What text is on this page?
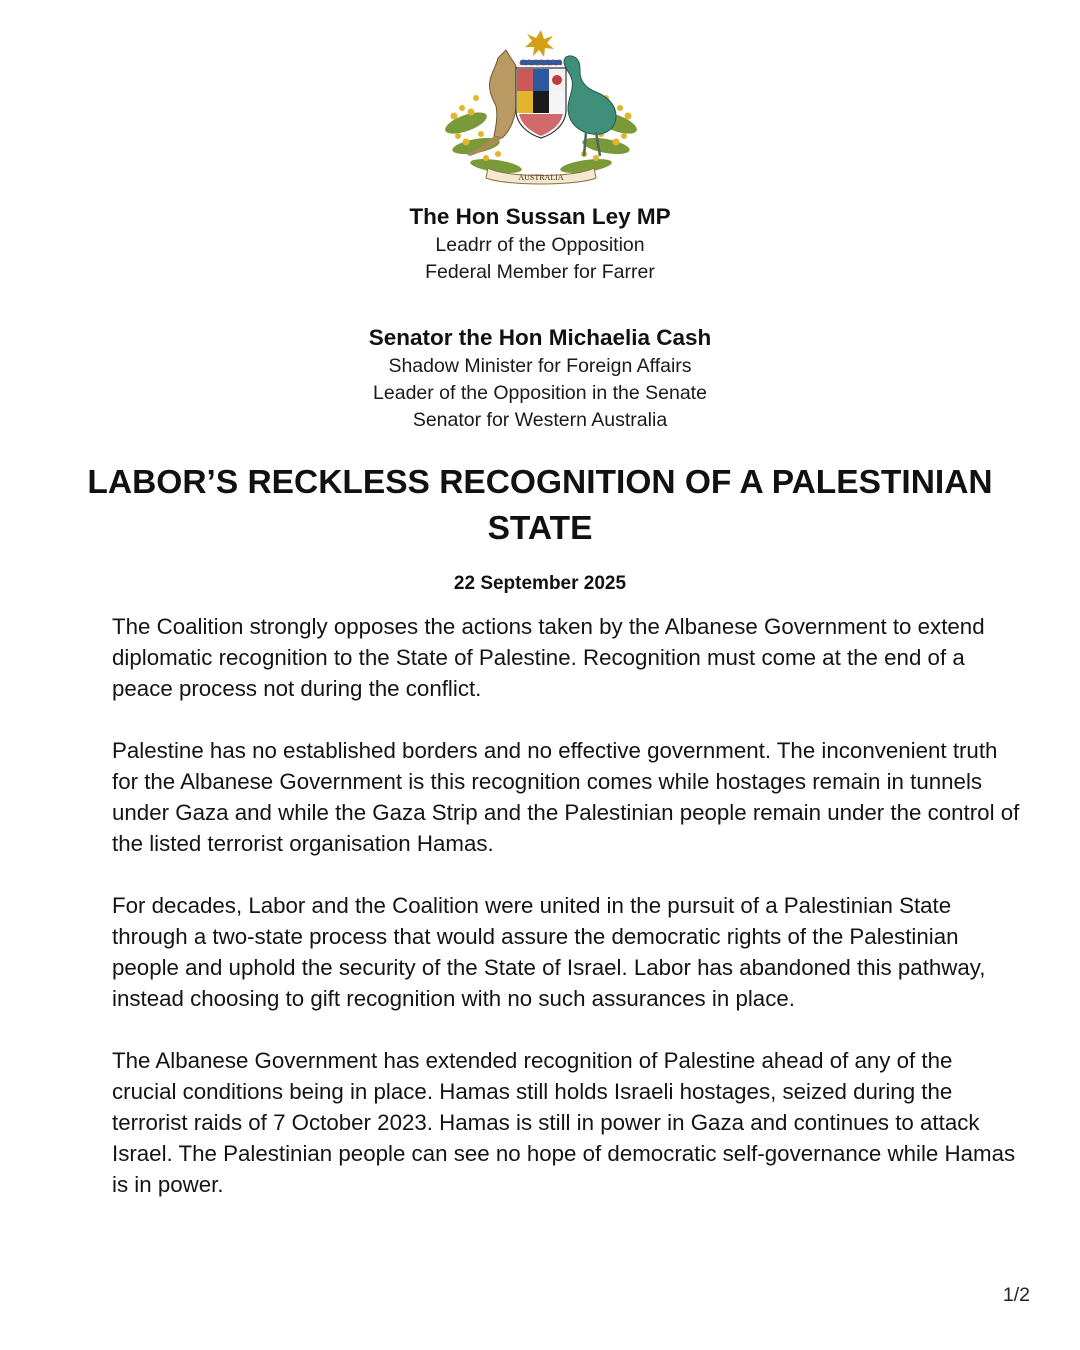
AUSTRALIA

The Hon Sussan Ley MP

Leadrr of the Opposition

Federal Member for Farrer

Senator the Hon Michaelia Cash

Shadow Minister for Foreign Affairs

Leader of the Opposition in the Senate

Senator for Western Australia

LABOR’S RECKLESS RECOGNITION OF A PALESTINIAN STATE

22 September 2025

The Coalition strongly opposes the actions taken by the Albanese Government to extend diplomatic recognition to the State of Palestine. Recognition must come at the end of a peace process not during the conflict.

Palestine has no established borders and no effective government. The inconvenient truth for the Albanese Government is this recognition comes while hostages remain in tunnels under Gaza and while the Gaza Strip and the Palestinian people remain under the control of the listed terrorist organisation Hamas.

For decades, Labor and the Coalition were united in the pursuit of a Palestinian State through a two-state process that would assure the democratic rights of the Palestinian people and uphold the security of the State of Israel. Labor has abandoned this pathway, instead choosing to gift recognition with no such assurances in place.

The Albanese Government has extended recognition of Palestine ahead of any of the crucial conditions being in place. Hamas still holds Israeli hostages, seized during the terrorist raids of 7 October 2023. Hamas is still in power in Gaza and continues to attack Israel. The Palestinian people can see no hope of democratic self-governance while Hamas is in power.

1/2
